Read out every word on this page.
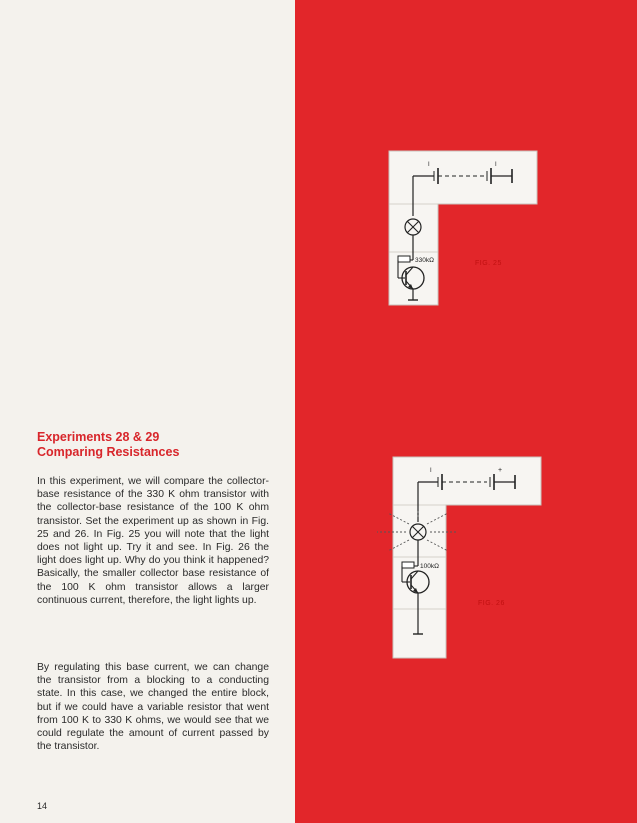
Experiments 28 & 29
Comparing Resistances
In this experiment, we will compare the collector-base resistance of the 330 K ohm transistor with the collector-base resistance of the 100 K ohm transistor. Set the experiment up as shown in Fig. 25 and 26. In Fig. 25 you will note that the light does not light up. Try it and see. In Fig. 26 the light does light up. Why do you think it happened? Basically, the smaller collector base resistance of the 100 K ohm transistor allows a larger continuous current, therefore, the light lights up.
By regulating this base current, we can change the transistor from a blocking to a conducting state. In this case, we changed the entire block, but if we could have a variable resistor that went from 100 K to 330 K ohms, we would see that we could regulate the amount of current passed by the transistor.
14
I	I
330kΩ	FIG. 25
I	+
100kΩ
FIG. 26
